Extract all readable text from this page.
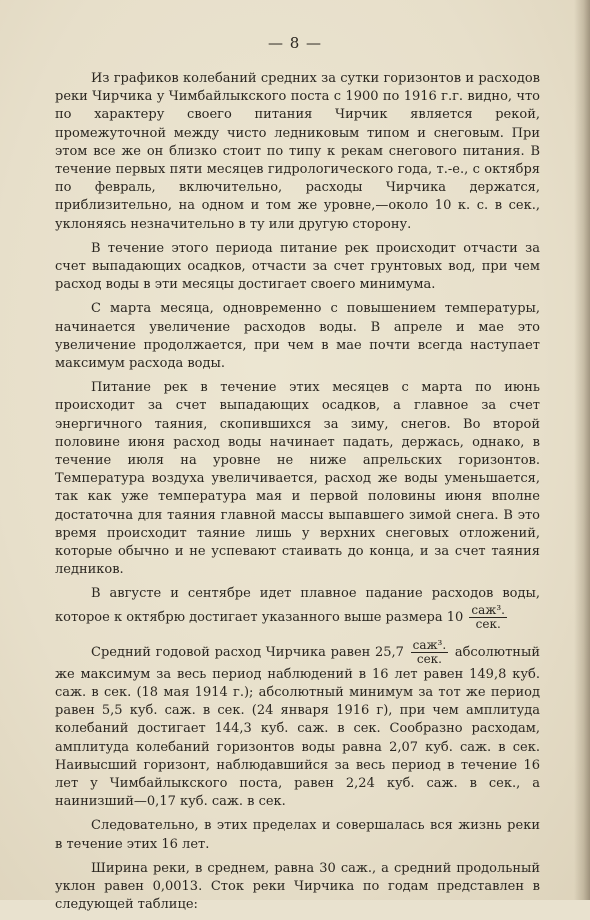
— 8 —

Из графиков колебаний средних за сутки горизонтов и расходов реки Чирчика у Чимбайлыкского поста с 1900 по 1916 г.г. видно, что по характеру своего питания Чирчик является рекой, промежуточной между чисто ледниковым типом и снеговым. При этом все же он близко стоит по типу к рекам снегового питания. В течение первых пяти месяцев гидрологического года, т.-е., с октября по февраль, включительно, расходы Чирчика держатся, приблизительно, на одном и том же уровне,—около 10 к. с. в сек., уклоняясь незначительно в ту или другую сторону.

В течение этого периода питание рек происходит отчасти за счет выпадающих осадков, отчасти за счет грунтовых вод, при чем расход воды в эти месяцы достигает своего минимума.

С марта месяца, одновременно с повышением температуры, начинается увеличение расходов воды. В апреле и мае это увеличение продолжается, при чем в мае почти всегда наступает максимум расхода воды.

Питание рек в течение этих месяцев с марта по июнь происходит за счет выпадающих осадков, а главное за счет энергичного таяния, скопившихся за зиму, снегов. Во второй половине июня расход воды начинает падать, держась, однако, в течение июля на уровне не ниже апрельских горизонтов. Температура воздуха увеличивается, расход же воды уменьшается, так как уже температура мая и первой половины июня вполне достаточна для таяния главной массы выпавшего зимой снега. В это время происходит таяние лишь у верхних снеговых отложений, которые обычно и не успевают стаивать до конца, и за счет таяния ледников.

В августе и сентябре идет плавное падание расходов воды, которое к октябрю достигает указанного выше размера $10 \frac{\text{саж³.}}{\text{сек.}}$

Средний годовой расход Чирчика равен $25,7 \frac{\text{саж³.}}{\text{сек.}}$ абсолютный же максимум за весь период наблюдений в 16 лет равен 149,8 куб. саж. в сек. (18 мая 1914 г.); абсолютный минимум за тот же период равен 5,5 куб. саж. в сек. (24 января 1916 г), при чем амплитуда колебаний достигает 144,3 куб. саж. в сек. Сообразно расходам, амплитуда колебаний горизонтов воды равна 2,07 куб. саж. в сек. Наивысший горизонт, наблюдавшийся за весь период в течение 16 лет у Чимбайлыкского поста, равен 2,24 куб. саж. в сек., а наинизший—0,17 куб. саж. в сек.

Следовательно, в этих пределах и совершалась вся жизнь реки в течение этих 16 лет.

Ширина реки, в среднем, равна 30 саж., а средний продольный уклон равен 0,0013. Сток реки Чирчика по годам представлен в следующей таблице:
